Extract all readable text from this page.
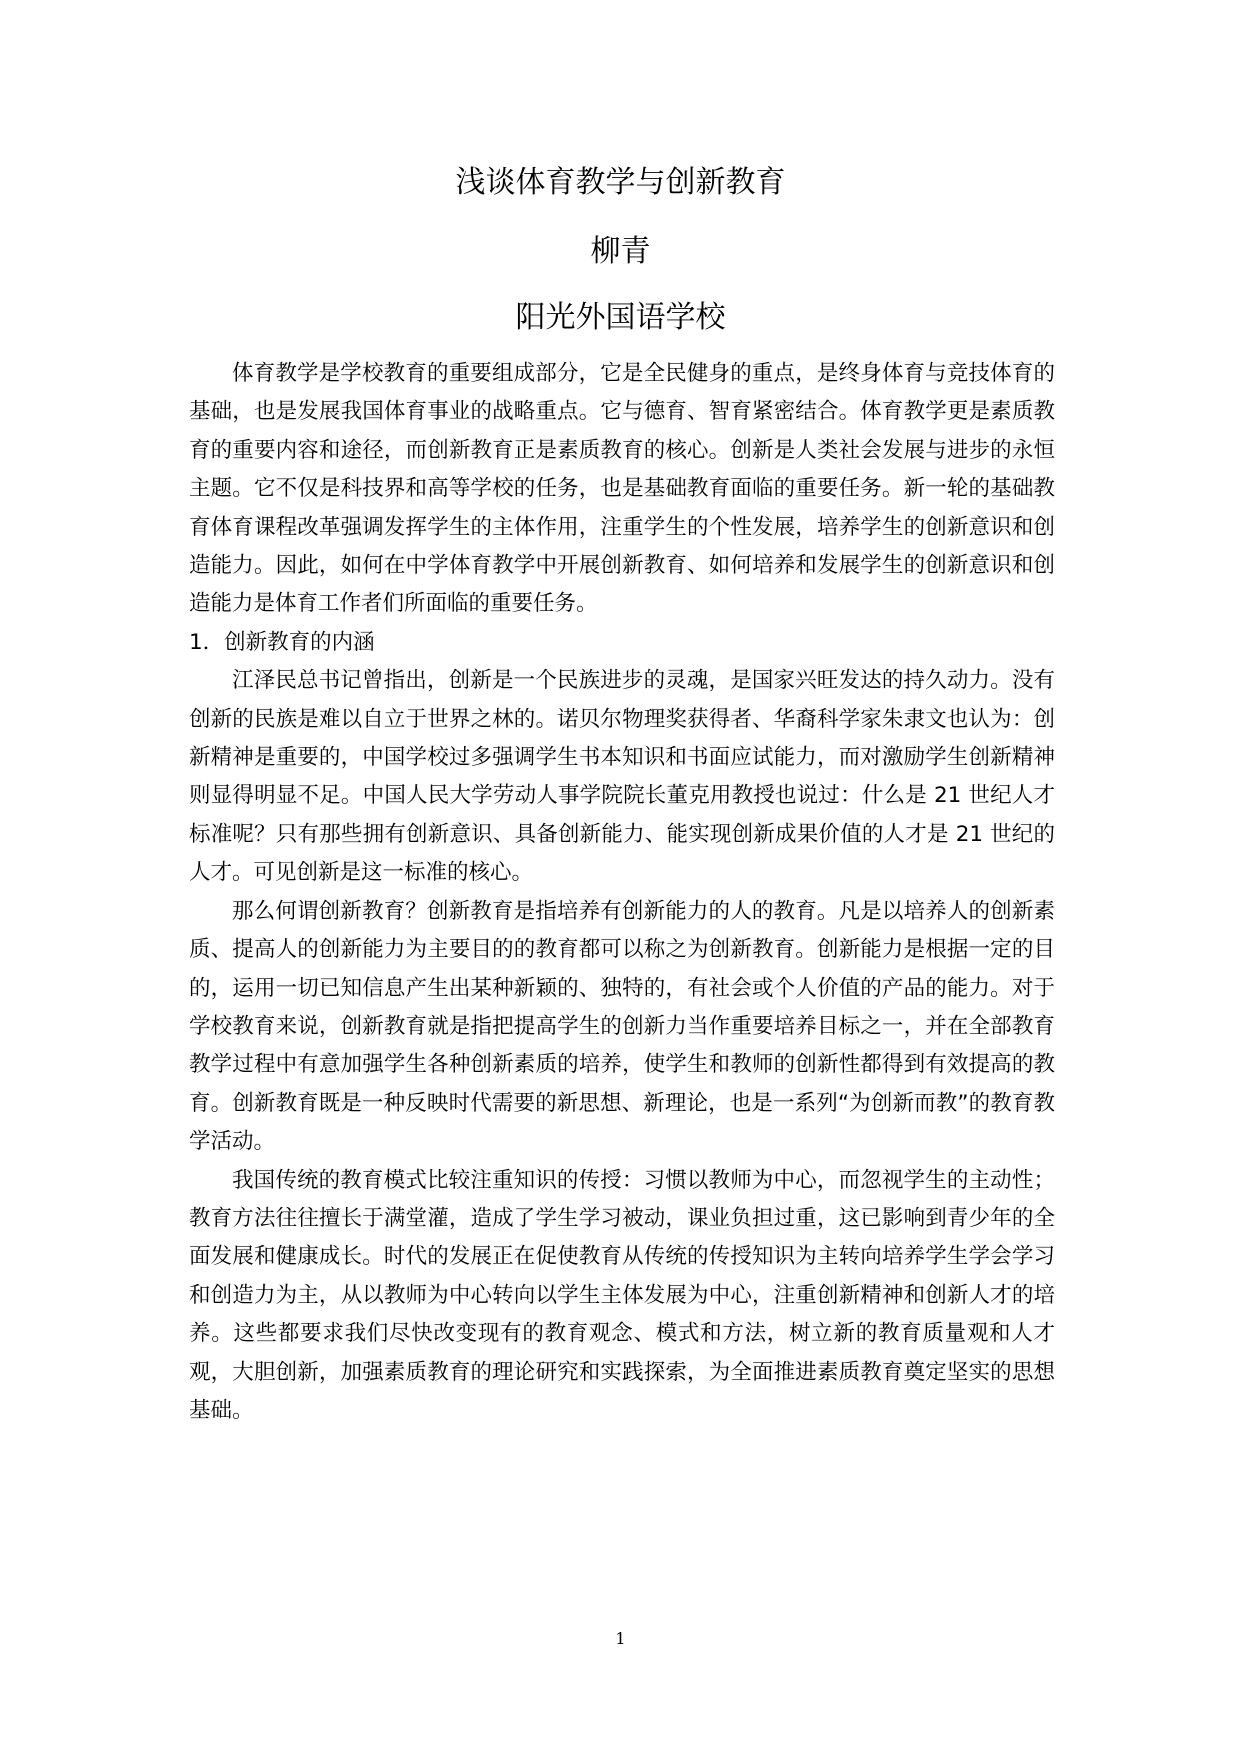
浅谈体育教学与创新教育
柳青
阳光外国语学校

体育教学是学校教育的重要组成部分，它是全民健身的重点，是终身体育与竞技体育的基础，也是发展我国体育事业的战略重点。它与德育、智育紧密结合。体育教学更是素质教育的重要内容和途径，而创新教育正是素质教育的核心。创新是人类社会发展与进步的永恒主题。它不仅是科技界和高等学校的任务，也是基础教育面临的重要任务。新一轮的基础教育体育课程改革强调发挥学生的主体作用，注重学生的个性发展，培养学生的创新意识和创造能力。因此，如何在中学体育教学中开展创新教育、如何培养和发展学生的创新意识和创造能力是体育工作者们所面临的重要任务。

1．创新教育的内涵

江泽民总书记曾指出，创新是一个民族进步的灵魂，是国家兴旺发达的持久动力。没有创新的民族是难以自立于世界之林的。诺贝尔物理奖获得者、华裔科学家朱隶文也认为：创新精神是重要的，中国学校过多强调学生书本知识和书面应试能力，而对激励学生创新精神则显得明显不足。中国人民大学劳动人事学院院长董克用教授也说过：什么是 21 世纪人才标准呢？只有那些拥有创新意识、具备创新能力、能实现创新成果价值的人才是 21 世纪的人才。可见创新是这一标准的核心。

那么何谓创新教育？创新教育是指培养有创新能力的人的教育。凡是以培养人的创新素质、提高人的创新能力为主要目的的教育都可以称之为创新教育。创新能力是根据一定的目的，运用一切已知信息产生出某种新颖的、独特的，有社会或个人价值的产品的能力。对于学校教育来说，创新教育就是指把提高学生的创新力当作重要培养目标之一，并在全部教育教学过程中有意加强学生各种创新素质的培养，使学生和教师的创新性都得到有效提高的教育。创新教育既是一种反映时代需要的新思想、新理论，也是一系列“为创新而教”的教育教学活动。

我国传统的教育模式比较注重知识的传授：习惯以教师为中心，而忽视学生的主动性；教育方法往往擅长于满堂灌，造成了学生学习被动，课业负担过重，这已影响到青少年的全面发展和健康成长。时代的发展正在促使教育从传统的传授知识为主转向培养学生学会学习和创造力为主，从以教师为中心转向以学生主体发展为中心，注重创新精神和创新人才的培养。这些都要求我们尽快改变现有的教育观念、模式和方法，树立新的教育质量观和人才观，大胆创新，加强素质教育的理论研究和实践探索，为全面推进素质教育奠定坚实的思想基础。

1
